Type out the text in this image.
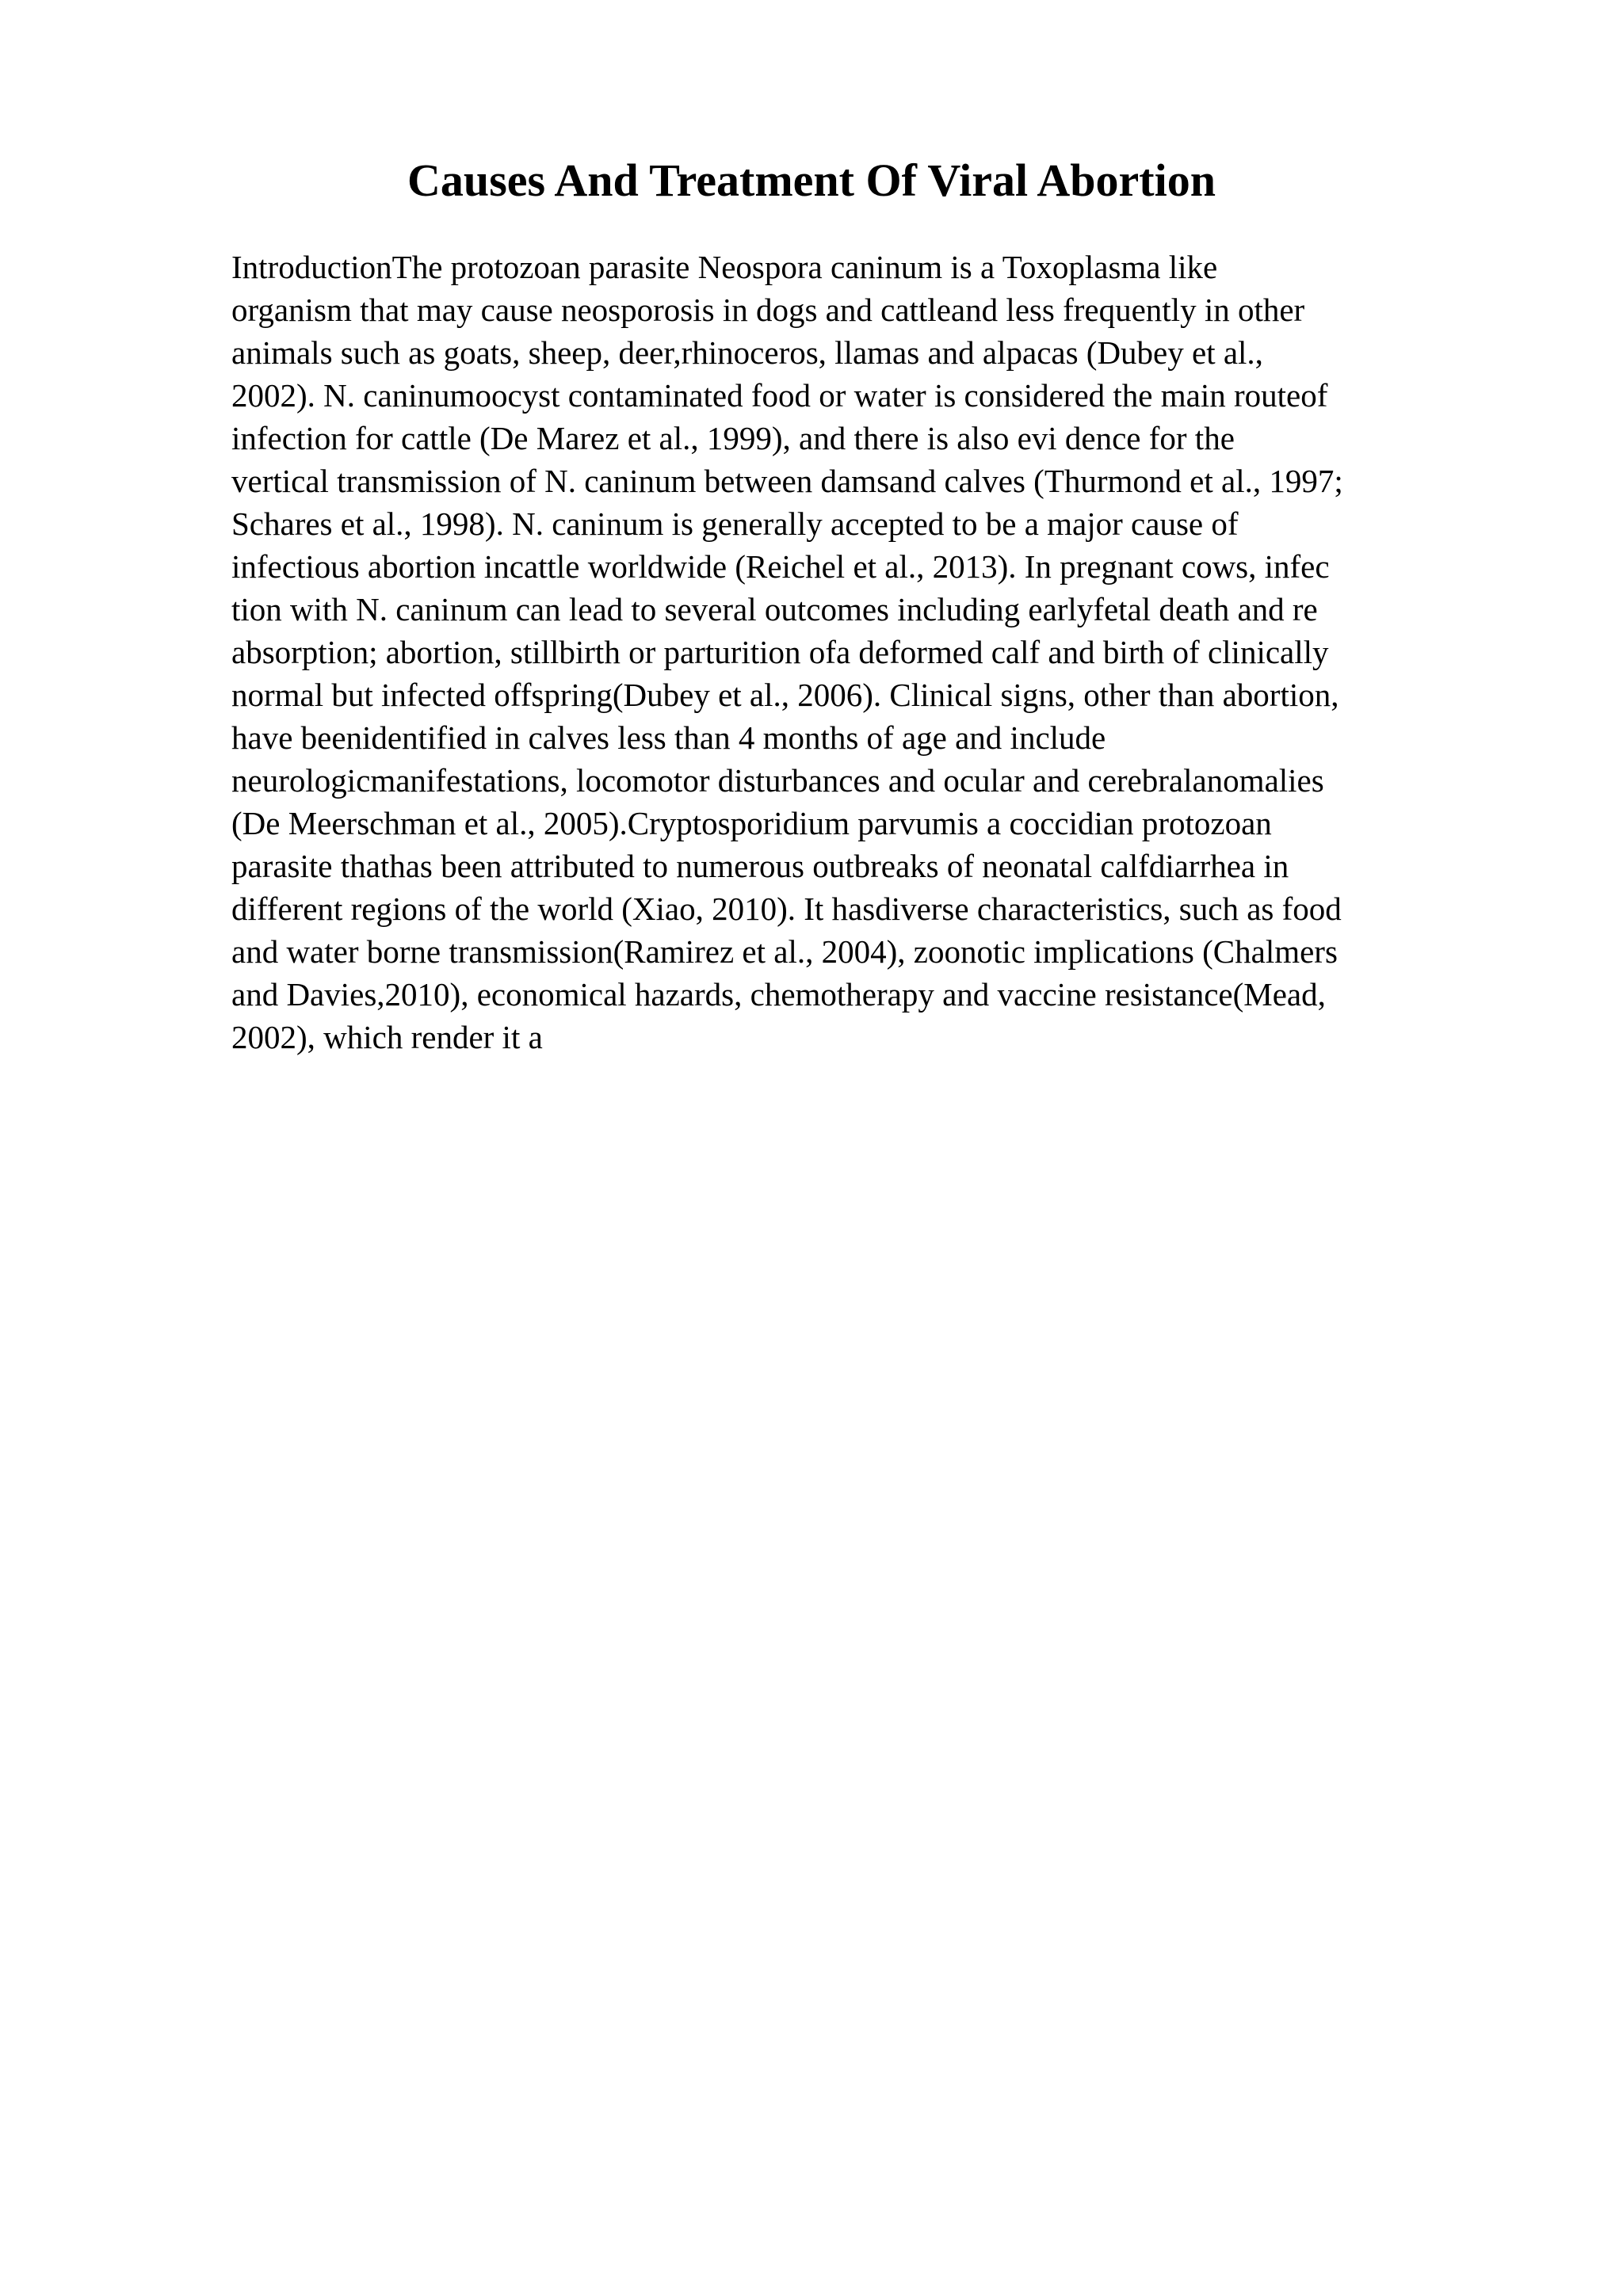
Causes And Treatment Of Viral Abortion
IntroductionThe protozoan parasite Neospora caninum is a Toxoplasma like
organism that may cause neosporosis in dogs and cattleand less frequently in other
animals such as goats, sheep, deer,rhinoceros, llamas and alpacas (Dubey et al.,
2002). N. caninumoocyst contaminated food or water is considered the main routeof
infection for cattle (De Marez et al., 1999), and there is also evi dence for the
vertical transmission of N. caninum between damsand calves (Thurmond et al., 1997;
Schares et al., 1998). N. caninum is generally accepted to be a major cause of
infectious abortion incattle worldwide (Reichel et al., 2013). In pregnant cows, infec
tion with N. caninum can lead to several outcomes including earlyfetal death and re
absorption; abortion, stillbirth or parturition ofa deformed calf and birth of clinically
normal but infected offspring(Dubey et al., 2006). Clinical signs, other than abortion,
have beenidentified in calves less than 4 months of age and include
neurologicmanifestations, locomotor disturbances and ocular and cerebralanomalies
(De Meerschman et al., 2005).Cryptosporidium parvumis a coccidian protozoan
parasite thathas been attributed to numerous outbreaks of neonatal calfdiarrhea in
different regions of the world (Xiao, 2010). It hasdiverse characteristics, such as food
and water borne transmission(Ramirez et al., 2004), zoonotic implications (Chalmers
and Davies,2010), economical hazards, chemotherapy and vaccine resistance(Mead,
2002), which render it a
